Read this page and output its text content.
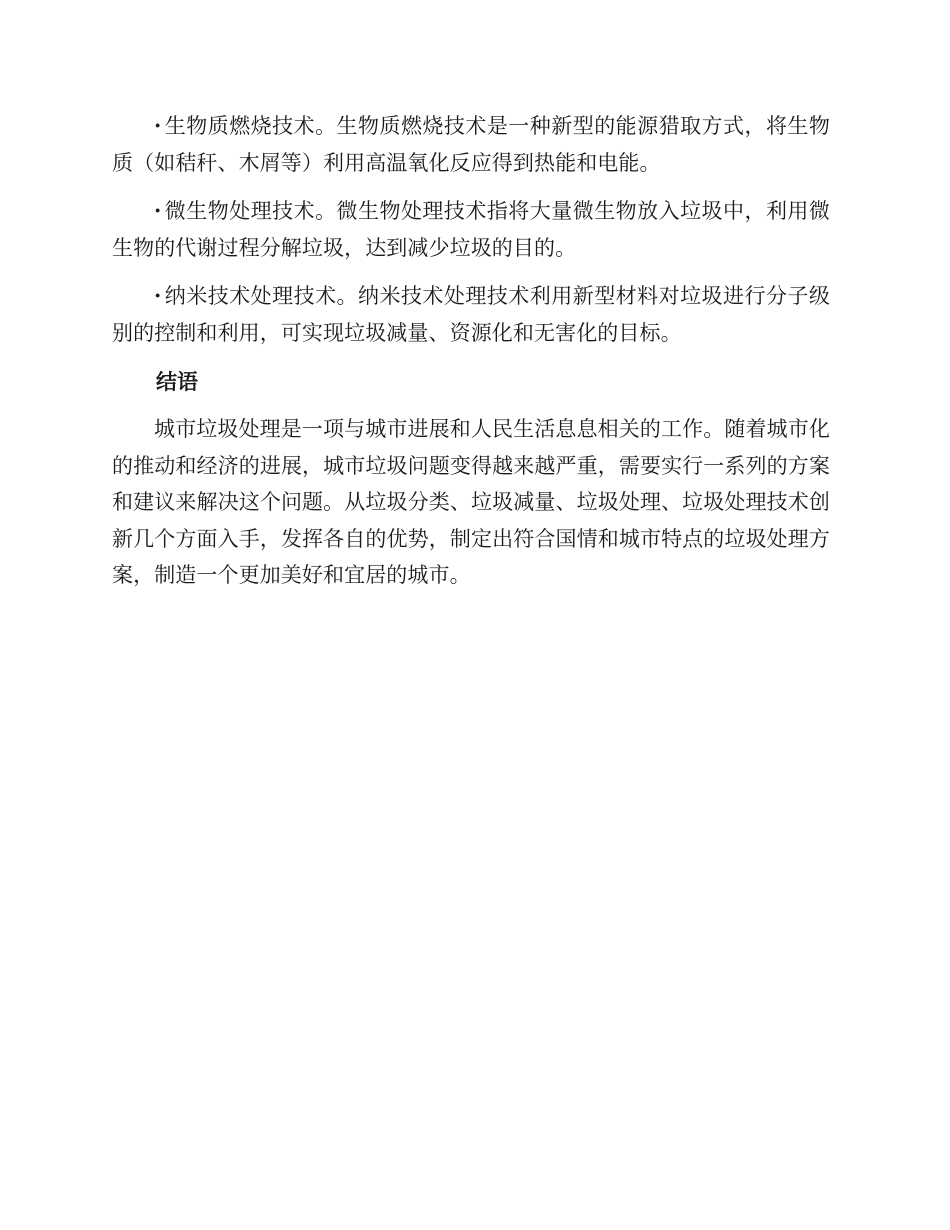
· 生物质燃烧技术。生物质燃烧技术是一种新型的能源猎取方式，将生物质（如秸秆、木屑等）利用高温氧化反应得到热能和电能。

· 微生物处理技术。微生物处理技术指将大量微生物放入垃圾中，利用微生物的代谢过程分解垃圾，达到减少垃圾的目的。

· 纳米技术处理技术。纳米技术处理技术利用新型材料对垃圾进行分子级别的控制和利用，可实现垃圾减量、资源化和无害化的目标。

结语

城市垃圾处理是一项与城市进展和人民生活息息相关的工作。随着城市化的推动和经济的进展，城市垃圾问题变得越来越严重，需要实行一系列的方案和建议来解决这个问题。从垃圾分类、垃圾减量、垃圾处理、垃圾处理技术创新几个方面入手，发挥各自的优势，制定出符合国情和城市特点的垃圾处理方案，制造一个更加美好和宜居的城市。
